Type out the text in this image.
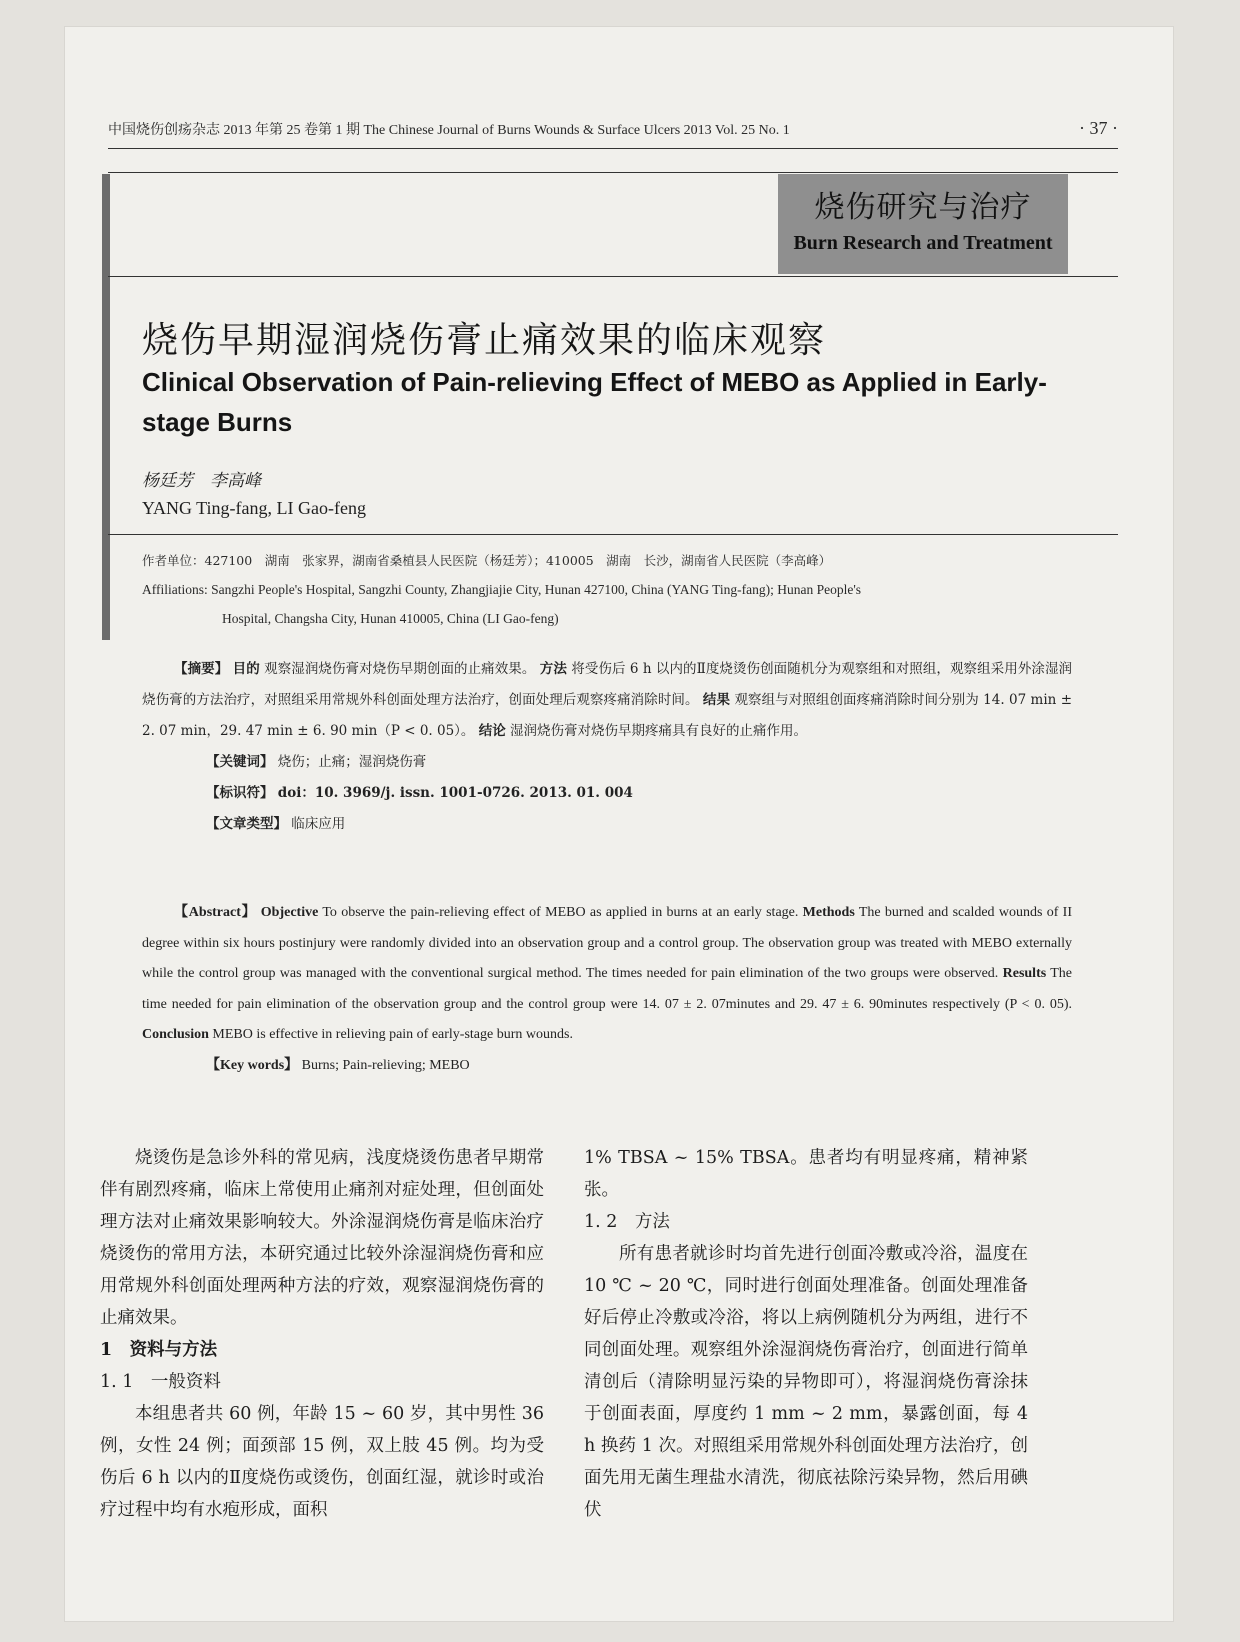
中国烧伤创疡杂志 2013 年第 25 卷第 1 期 The Chinese Journal of Burns Wounds & Surface Ulcers 2013 Vol. 25 No. 1	· 37 ·
烧伤研究与治疗
Burn Research and Treatment
烧伤早期湿润烧伤膏止痛效果的临床观察
Clinical Observation of Pain-relieving Effect of MEBO as Applied in Early-stage Burns
杨廷芳　李高峰
YANG Ting-fang, LI Gao-feng
作者单位：427100　湖南　张家界，湖南省桑植县人民医院（杨廷芳）；410005　湖南　长沙，湖南省人民医院（李高峰）
Affiliations: Sangzhi People's Hospital, Sangzhi County, Zhangjiajie City, Hunan 427100, China (YANG Ting-fang); Hunan People's
Hospital, Changsha City, Hunan 410005, China (LI Gao-feng)

【摘要】 目的 观察湿润烧伤膏对烧伤早期创面的止痛效果。 方法 将受伤后 6 h 以内的Ⅱ度烧烫伤创面随机分为观察组和对照组，观察组采用外涂湿润烧伤膏的方法治疗，对照组采用常规外科创面处理方法治疗，创面处理后观察疼痛消除时间。 结果 观察组与对照组创面疼痛消除时间分别为 14. 07 min ± 2. 07 min，29. 47 min ± 6. 90 min（P < 0. 05）。 结论 湿润烧伤膏对烧伤早期疼痛具有良好的止痛作用。

【关键词】 烧伤；止痛；湿润烧伤膏

【标识符】 doi：10. 3969/j. issn. 1001-0726. 2013. 01. 004

【文章类型】 临床应用

【Abstract】 Objective To observe the pain-relieving effect of MEBO as applied in burns at an early stage. Methods The burned and scalded wounds of II degree within six hours postinjury were randomly divided into an observation group and a control group. The observation group was treated with MEBO externally while the control group was managed with the conventional surgical method. The times needed for pain elimination of the two groups were observed. Results The time needed for pain elimination of the observation group and the control group were 14. 07 ± 2. 07minutes and 29. 47 ± 6. 90minutes respectively (P < 0. 05). Conclusion MEBO is effective in relieving pain of early-stage burn wounds.

【Key words】 Burns; Pain-relieving; MEBO

烧烫伤是急诊外科的常见病，浅度烧烫伤患者早期常伴有剧烈疼痛，临床上常使用止痛剂对症处理，但创面处理方法对止痛效果影响较大。外涂湿润烧伤膏是临床治疗烧烫伤的常用方法，本研究通过比较外涂湿润烧伤膏和应用常规外科创面处理两种方法的疗效，观察湿润烧伤膏的止痛效果。

1　资料与方法
1. 1　一般资料

本组患者共 60 例，年龄 15 ~ 60 岁，其中男性 36 例，女性 24 例；面颈部 15 例，双上肢 45 例。均为受伤后 6 h 以内的Ⅱ度烧伤或烫伤，创面红湿，就诊时或治疗过程中均有水疱形成，面积

1% TBSA ~ 15% TBSA。患者均有明显疼痛，精神紧张。

1. 2　方法

所有患者就诊时均首先进行创面冷敷或冷浴，温度在 10 ℃ ~ 20 ℃，同时进行创面处理准备。创面处理准备好后停止冷敷或冷浴，将以上病例随机分为两组，进行不同创面处理。观察组外涂湿润烧伤膏治疗，创面进行简单清创后（清除明显污染的异物即可），将湿润烧伤膏涂抹于创面表面，厚度约 1 mm ~ 2 mm，暴露创面，每 4 h 换药 1 次。对照组采用常规外科创面处理方法治疗，创面先用无菌生理盐水清洗，彻底祛除污染异物，然后用碘伏
